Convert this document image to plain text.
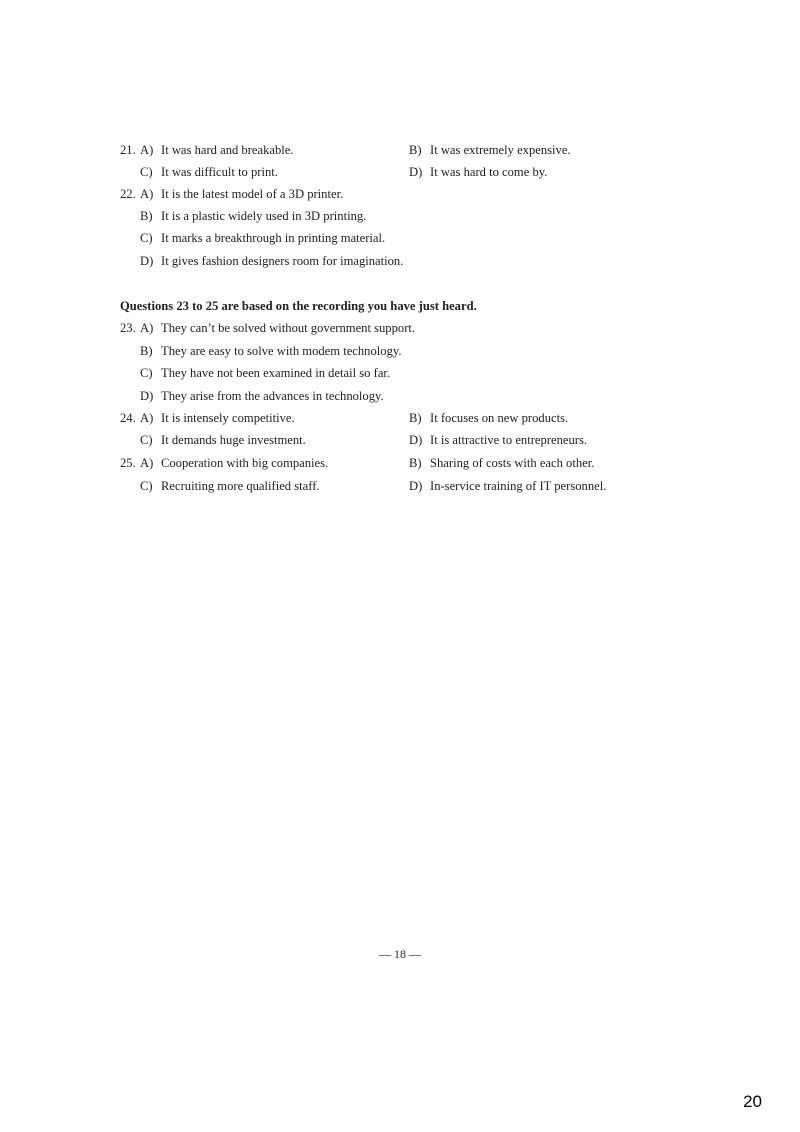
21. A) It was hard and breakable.	B) It was extremely expensive.
C) It was difficult to print.	D) It was hard to come by.
22. A) It is the latest model of a 3D printer.
B) It is a plastic widely used in 3D printing.
C) It marks a breakthrough in printing material.
D) It gives fashion designers room for imagination.
Questions 23 to 25 are based on the recording you have just heard.
23. A) They can’t be solved without government support.
B) They are easy to solve with modem technology.
C) They have not been examined in detail so far.
D) They arise from the advances in technology.
24. A) It is intensely competitive.	B) It focuses on new products.
C) It demands huge investment.	D) It is attractive to entrepreneurs.
25. A) Cooperation with big companies.	B) Sharing of costs with each other.
C) Recruiting more qualified staff.	D) In-service training of IT personnel.
— 18 —
20
